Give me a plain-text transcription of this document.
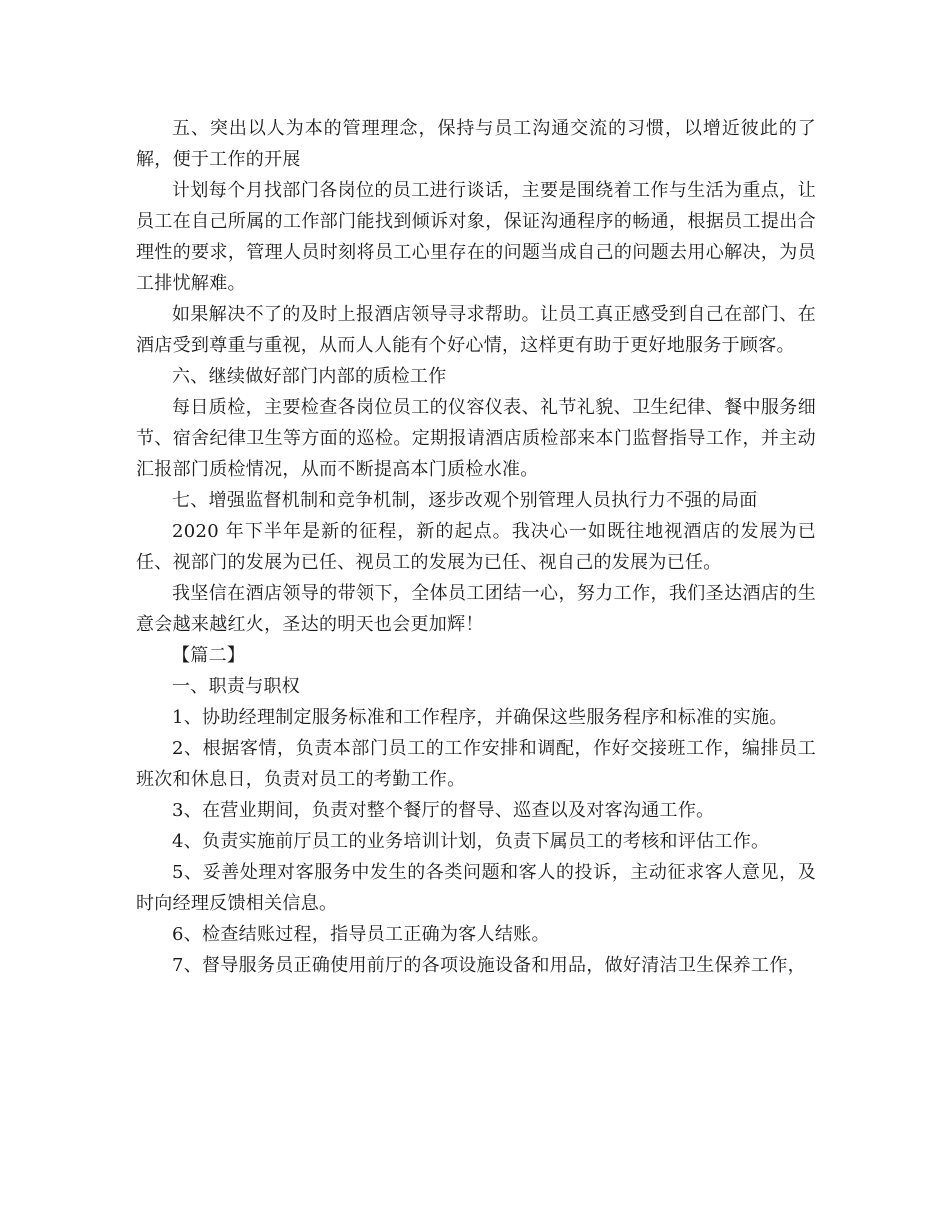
五、突出以人为本的管理理念，保持与员工沟通交流的习惯，以增近彼此的了解，便于工作的开展

计划每个月找部门各岗位的员工进行谈话，主要是围绕着工作与生活为重点，让员工在自己所属的工作部门能找到倾诉对象，保证沟通程序的畅通，根据员工提出合理性的要求，管理人员时刻将员工心里存在的问题当成自己的问题去用心解决，为员工排忧解难。

如果解决不了的及时上报酒店领导寻求帮助。让员工真正感受到自己在部门、在酒店受到尊重与重视，从而人人能有个好心情，这样更有助于更好地服务于顾客。

六、继续做好部门内部的质检工作

每日质检，主要检查各岗位员工的仪容仪表、礼节礼貌、卫生纪律、餐中服务细节、宿舍纪律卫生等方面的巡检。定期报请酒店质检部来本门监督指导工作，并主动汇报部门质检情况，从而不断提高本门质检水准。

七、增强监督机制和竞争机制，逐步改观个别管理人员执行力不强的局面

2020 年下半年是新的征程，新的起点。我决心一如既往地视酒店的发展为已任、视部门的发展为已任、视员工的发展为已任、视自己的发展为已任。

我坚信在酒店领导的带领下，全体员工团结一心，努力工作，我们圣达酒店的生意会越来越红火，圣达的明天也会更加辉！

【篇二】

一、职责与职权

1、协助经理制定服务标准和工作程序，并确保这些服务程序和标准的实施。

2、根据客情，负责本部门员工的工作安排和调配，作好交接班工作，编排员工班次和休息日，负责对员工的考勤工作。

3、在营业期间，负责对整个餐厅的督导、巡查以及对客沟通工作。

4、负责实施前厅员工的业务培训计划，负责下属员工的考核和评估工作。

5、妥善处理对客服务中发生的各类问题和客人的投诉，主动征求客人意见，及时向经理反馈相关信息。

6、检查结账过程，指导员工正确为客人结账。

7、督导服务员正确使用前厅的各项设施设备和用品，做好清洁卫生保养工作，
